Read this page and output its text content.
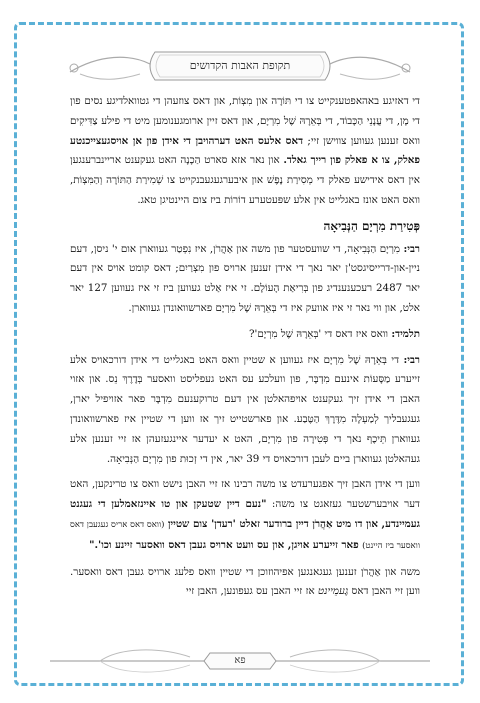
תקופת האבות הקדושים

די דאזיגע באהאפטענקייט צו די תּוֹרָה און מִצְוֹת, און דאס צוזעהן די גטוואלדיגע נסים פון די מָן, די עֲנָנֵי הַכָּבוֹד, די בְּאֵרָהּ שֶׁל מִרְיָם, און דאס זיין ארומגענומען מיט די פילע צַדִּיקִים וואס זענען געווען צווישן זיי; דאס אלעס האט דערהויבן די אידן פון אן אויסגעצייכנטע פאלק, צו א פאלק פון רייך גאלד. און נאר אזא סארט הַכָנָה האט געקענט אריינברענגען אין דאס אידישע פאלק די מְסִירַת נֶפֶשׁ און איבערגעגעבנקייט צו שְׁמִירַת הַתּוֹרָה וְהַמִּצְוֹת, וואס האט אונז באגלייט אין אלע שפּעטערע דוֹרוֹת ביז צום היינטיגן טאג.

פְּטִירַת מִרְיָם הַנְּבִיאָה

רבי: מִרְיָם הַנְּבִיאָה, די שוועסטער פון משה און אַהֲרֹן, איז נִפְטַר געווארן אום י' ניסן, דעם ניין-און-דרייסיגסט'ן יאר נאך די אידן זענען ארויס פון מִצְרַיִם; דאס קומט אויס אין דעם יאר 2487 רעכענענדיג פון בְּרִיאַת הָעוֹלָם. זי איז אַלט געווען ביז זי איז געווען 127 יאר אלט, און ווי נאר זי איז אוועק איז די בְּאֵרָהּ שֶׁל מִרְיָם פארשוואונדן געווארן.

תלמיד: וואס איז דאס די 'בְּאֵרָהּ שֶׁל מִרְיָם'?

רבי: די בְּאֵרָהּ שֶׁל מִרְיָם איז געווען א שטיין וואס האט באגלייט די אידן דורכאויס אלע זייערע מַסָּעוֹת אינעם מִדְבָּר, פון וועלכע עס האט געפליסט וואסער בְּדֶרֶךְ נֵס. און אזוי האבן די אידן זיך געקענט אויפהאלטן אין דעם טרוקענעם מִדְבָּר פאר אזויפיל יארן, געגעבליך לְמַעְלָה מִדֶּרֶךְ הַטֶּבַע. און פארשטייט זיך אז ווען די שטיין איז פארשוואונדן געווארן תֵּיכֶף נאך די פְּטִירָה פון מִרְיָם, האט א יעדער איינגעזעהן אז זיי זענען אלע געהאלטן געווארן ביים לעבן דורכאויס די 39 יאר, אין די זְכוּת פון מִרְיָם הַנְּבִיאָה.

ווען די אידן האבן זיך אפגערעדט צו משה רבינו אז זיי האבן נישט וואס צו טרינקען, האט דער אויבערשטער געזאגט צו משה: "נעם דיין שטעקן און טו איינזאמלען די געגנט געמיינדע, און דו מיט אַהֲרֹן דיין ברודער זאלט 'רעדן' צום שטיין (וואס דאס אריס געגעבן דאס וואסער ביז היינט) פאר זייערע אויגן, און עס וועט ארויס געבן דאס וואסער זיינע וכו'."

משה און אַהֲרֹן זענען געגאנגען אפיהוזוכן די שטיין וואס פלעג ארויס געבן דאס וואסער. ווען זיי האבן דאס גֶעמֵיינט אז זיי האבן עס געפונען, האבן זיי

פא
